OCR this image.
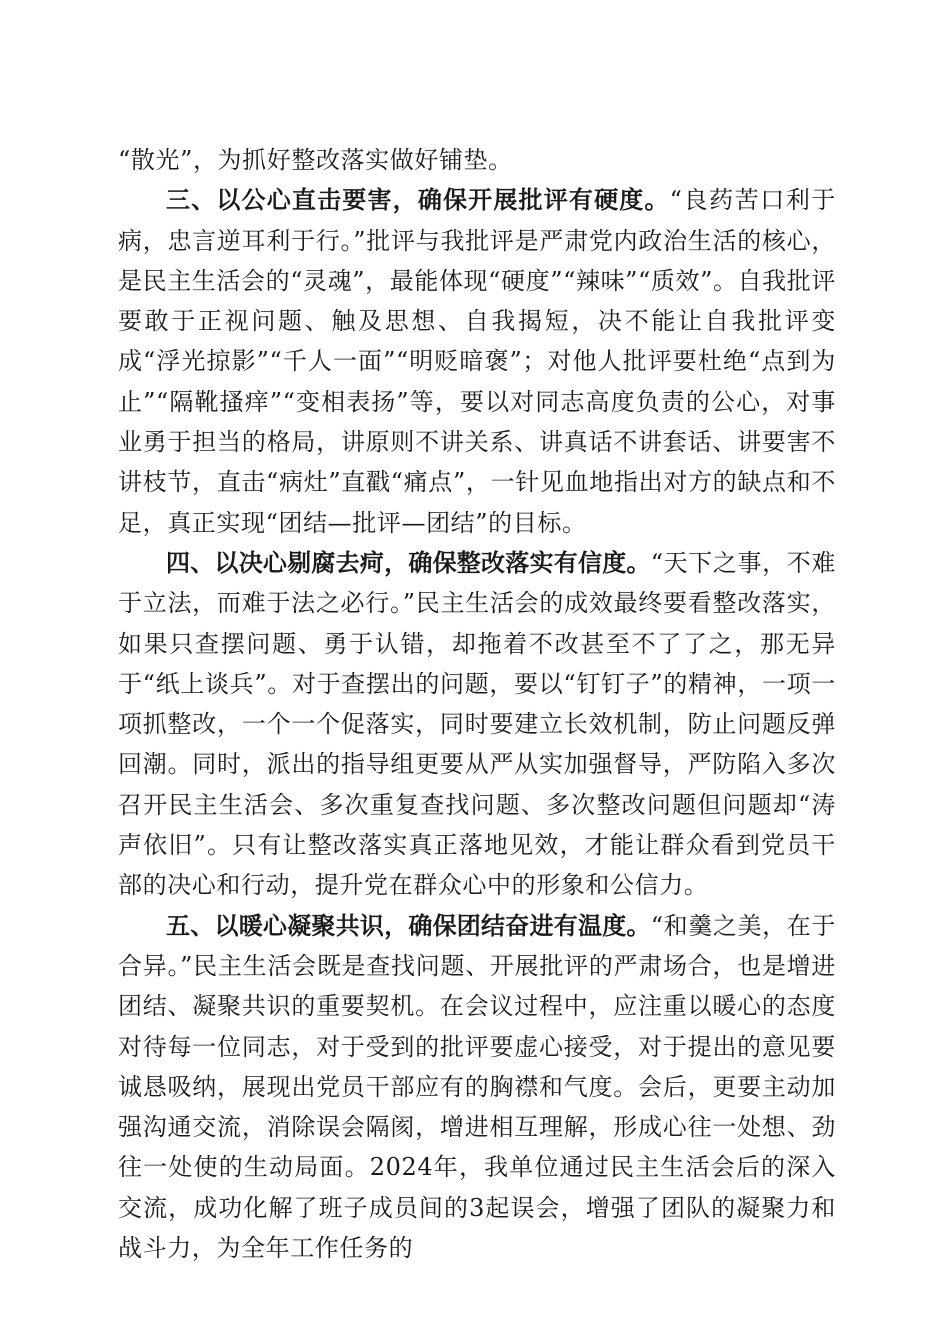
“散光”，为抓好整改落实做好铺垫。

三、以公心直击要害，确保开展批评有硬度。“良药苦口利于病，忠言逆耳利于行。”批评与我批评是严肃党内政治生活的核心，是民主生活会的“灵魂”，最能体现“硬度”“辣味”“质效”。自我批评要敢于正视问题、触及思想、自我揭短，决不能让自我批评变成“浮光掠影”“千人一面”“明贬暗褒”；对他人批评要杜绝“点到为止”“隔靴搔痒”“变相表扬”等，要以对同志高度负责的公心，对事业勇于担当的格局，讲原则不讲关系、讲真话不讲套话、讲要害不讲枝节，直击“病灶”直戳“痛点”，一针见血地指出对方的缺点和不足，真正实现“团结—批评—团结”的目标。

四、以决心剔腐去疴，确保整改落实有信度。“天下之事，不难于立法，而难于法之必行。”民主生活会的成效最终要看整改落实，如果只查摆问题、勇于认错，却拖着不改甚至不了了之，那无异于“纸上谈兵”。对于查摆出的问题，要以“钉钉子”的精神，一项一项抓整改，一个一个促落实，同时要建立长效机制，防止问题反弹回潮。同时，派出的指导组更要从严从实加强督导，严防陷入多次召开民主生活会、多次重复查找问题、多次整改问题但问题却“涛声依旧”。只有让整改落实真正落地见效，才能让群众看到党员干部的决心和行动，提升党在群众心中的形象和公信力。

五、以暖心凝聚共识，确保团结奋进有温度。“和羹之美，在于合异。”民主生活会既是查找问题、开展批评的严肃场合，也是增进团结、凝聚共识的重要契机。在会议过程中，应注重以暖心的态度对待每一位同志，对于受到的批评要虚心接受，对于提出的意见要诚恳吸纳，展现出党员干部应有的胸襟和气度。会后，更要主动加强沟通交流，消除误会隔阂，增进相互理解，形成心往一处想、劲往一处使的生动局面。2024年，我单位通过民主生活会后的深入交流，成功化解了班子成员间的3起误会，增强了团队的凝聚力和战斗力，为全年工作任务的
